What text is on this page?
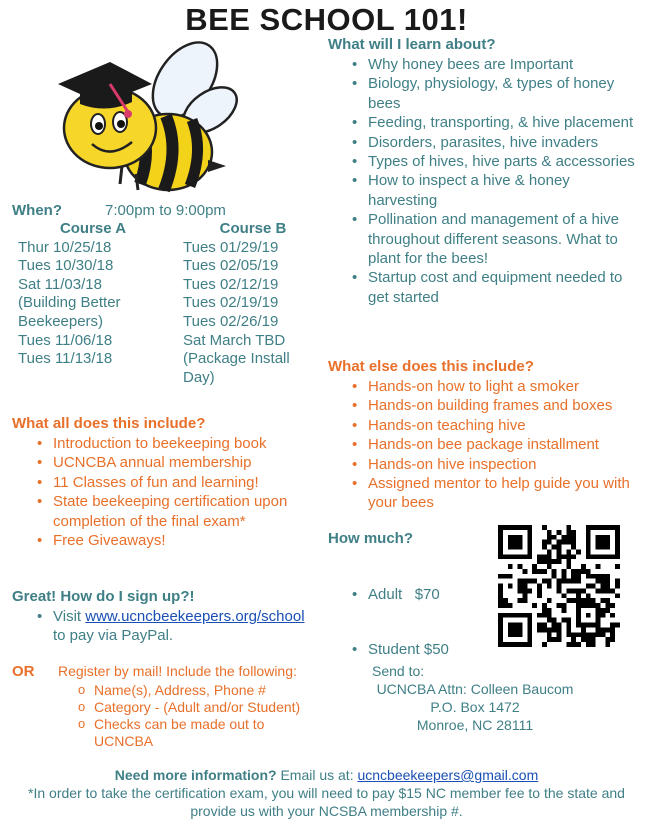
BEE SCHOOL 101!
When?	7:00pm to 9:00pm
Course A
Thur 10/25/18
Tues 10/30/18
Sat 11/03/18
(Building Better
Beekeepers)
Tues 11/06/18
Tues 11/13/18
Course B
Tues 01/29/19
Tues 02/05/19
Tues 02/12/19
Tues 02/19/19
Tues 02/26/19
Sat March TBD
(Package Install
Day)
What all does this include?
• Introduction to beekeeping book
• UCNCBA annual membership
• 11 Classes of fun and learning!
• State beekeeping certification upon completion of the final exam*
• Free Giveaways!
What will I learn about?
• Why honey bees are Important
• Biology, physiology, & types of honey bees
• Feeding, transporting, & hive placement
• Disorders, parasites, hive invaders
• Types of hives, hive parts & accessories
• How to inspect a hive & honey harvesting
• Pollination and management of a hive throughout different seasons. What to plant for the bees!
• Startup cost and equipment needed to get started
What else does this include?
• Hands-on how to light a smoker
• Hands-on building frames and boxes
• Hands-on teaching hive
• Hands-on bee package installment
• Hands-on hive inspection
• Assigned mentor to help guide you with your bees
How much?

• Adult   $70

• Student $50

Great! How do I sign up?!
• Visit www.ucncbeekeepers.org/school
to pay via PayPal.
OR Register by mail! Include the following:
o Name(s), Address, Phone #
o Category - (Adult and/or Student)
o Checks can be made out to UCNCBA
Send to:
UCNCBA Attn: Colleen Baucom
P.O. Box 1472
Monroe, NC 28111
Need more information? Email us at: ucncbeekeepers@gmail.com
*In order to take the certification exam, you will need to pay $15 NC member fee to the state and provide us with your NCSBA membership #.
